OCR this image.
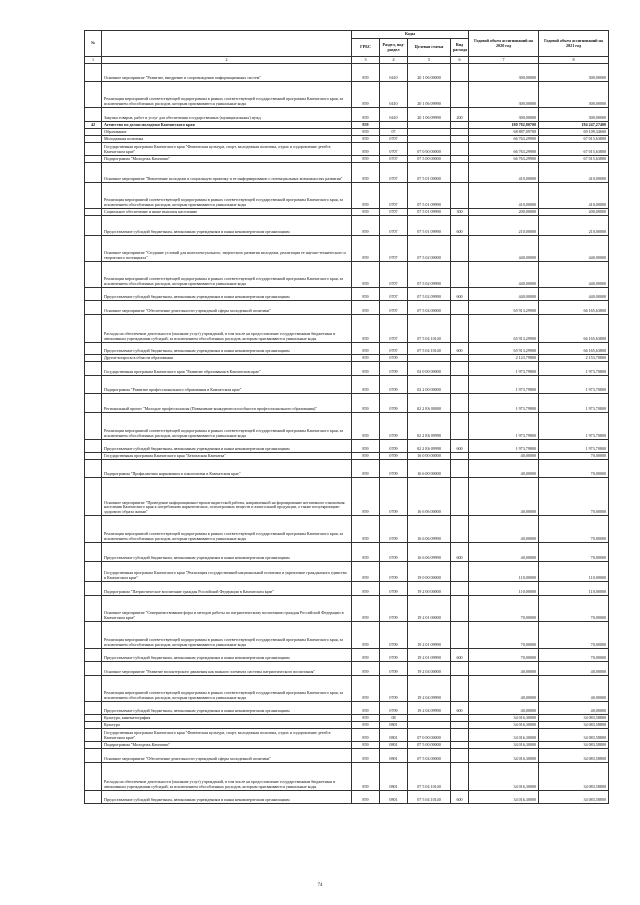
№		Коды				Годовой объем ассигнований на 2020 год	Годовой объем ассигнований на 2021 год
		ГРБС	Раздел, под-раздел	Целевая статья	Вид расхода		
1	2	3	4	5	6	7	8
	Основное мероприятие "Развитие, внедрение и сопровождение информационных систем"	859	0410	20 1 06 00000		300,00000	300,00000
	Реализация мероприятий соответствующей подпрограммы в рамках соответствующей государственной программы Камчатского края, за исключением обособленных расходов, которым присваиваются уникальные коды	859	0410	20 1 06 09990		300,00000	300,00000
	Закупка товаров, работ и услуг для обеспечения государственных (муниципальных) нужд	859	0410	20 1 06 09990	200	300,00000	300,00000
42	Агентство по делам молодежи Камчатского края	859				180 782,80700	184 247,27400
	Образование	859	07			68 887,09700	69 109,34600
	Молодежная политика	859	0707			66 763,29900	67 015,63800
	Государственная программа Камчатского края "Физическая культура, спорт, молодежная политика, отдых и оздоровление детей в Камчатском крае"	859	0707	07 0 00 00000		66 763,29900	67 015,63800
	Подпрограмма "Молодежь Камчатки"	859	0707	07 5 00 00000		66 763,29900	67 015,63800
	Основное мероприятие "Вовлечение молодежи в социальную практику и ее информирование о потенциальных возможностях развития"	859	0707	07 5 01 00000		410,00000	410,00000
	Реализация мероприятий соответствующей подпрограммы в рамках соответствующей государственной программы Камчатского края, за исключением обособленных расходов, которым присваиваются уникальные коды	859	0707	07 5 01 09990		410,00000	410,00000
	Социальное обеспечение и иные выплаты населению	859	0707	07 5 01 09990	300	200,00000	200,00000
	Предоставление субсидий бюджетным, автономным учреждениям и иным некоммерческим организациям	859	0707	07 5 01 09990	600	210,00000	210,00000
	Основное мероприятие "Создание условий для интеллектуального, творческого развития молодежи, реализация ее научно-технического и творческого потенциала"	859	0707	07 5 02 00000		440,00000	440,00000
	Реализация мероприятий соответствующей подпрограммы в рамках соответствующей государственной программы Камчатского края, за исключением обособленных расходов, которым присваиваются уникальные коды	859	0707	07 5 02 09990		440,00000	440,00000
	Предоставление субсидий бюджетным, автономным учреждениям и иным некоммерческим организациям	859	0707	07 5 02 09990	600	440,00000	440,00000
	Основное мероприятие "Обеспечение деятельности учреждений сферы молодежной политики"	859	0707	07 5 04 00000		65 913,29900	66 165,63800
	Расходы на обеспечение деятельности (оказание услуг) учреждений, в том числе на предоставление государственным бюджетным и автономным учреждениям субсидий, за исключением обособленных расходов, которым присваиваются уникальные коды	859	0707	07 5 04 10140		65 913,29900	66 165,63800
	Предоставление субсидий бюджетным, автономным учреждениям и иным некоммерческим организациям	859	0707	07 5 04 10140	600	65 913,29900	66 165,63800
	Другие вопросы в области образования	859	0709			2 123,79800	2 153,70800
	Государственная программа Камчатского края "Развитие образования в Камчатском крае"	859	0709	02 0 00 00000		1 973,79800	1 973,70800
	Подпрограмма "Развитие профессионального образования в Камчатском крае"	859	0709	02 2 00 00000		1 973,79800	1 973,70800
	Региональный проект "Молодые профессионалы (Повышение конкурентоспособности профессионального образования)"	859	0709	02 2 E6 00000		1 973,79800	1 973,70800
	Реализация мероприятий соответствующей подпрограммы в рамках соответствующей государственной программы Камчатского края, за исключением обособленных расходов, которым присваиваются уникальные коды	859	0709	02 2 E6 09990		1 973,79800	1 973,70800
	Предоставление субсидий бюджетным, автономным учреждениям и иным некоммерческим организациям	859	0709	02 2 E6 09990	600	1 973,79800	1 973,70800
	Государственная программа Камчатского края "Безопасная Камчатка"	859	0709	16 0 00 00000		40,00000	70,00000
	Подпрограмма "Профилактика наркомании и алкоголизма в Камчатском крае"	859	0709	16 6 00 00000		40,00000	70,00000
	Основное мероприятие "Проведение информационно-пропагандистской работы, направленной на формирование негативного отношения населения Камчатского края к потреблению наркотических, психотропных веществ и алкогольной продукции, а также популяризацию здорового образа жизни"	859	0709	16 6 06 00000		40,00000	70,00000
	Реализация мероприятий соответствующей подпрограммы в рамках соответствующей государственной программы Камчатского края, за исключением обособленных расходов, которым присваиваются уникальные коды	859	0709	16 6 06 09990		40,00000	70,00000
	Предоставление субсидий бюджетным, автономным учреждениям и иным некоммерческим организациям	859	0709	16 6 06 09990	600	40,00000	70,00000
	Государственная программа Камчатского края "Реализация государственной национальной политики и укрепление гражданского единства в Камчатском крае"	859	0709	19 0 00 00000		110,00000	110,00000
	Подпрограмма "Патриотическое воспитание граждан Российской Федерации в Камчатском крае"	859	0709	19 2 00 00000		110,00000	110,00000
	Основное мероприятие "Совершенствование форм и методов работы по патриотическому воспитанию граждан Российской Федерации в Камчатском крае"	859	0709	19 2 01 00000		70,00000	70,00000
	Реализация мероприятий соответствующей подпрограммы в рамках соответствующей государственной программы Камчатского края, за исключением обособленных расходов, которым присваиваются уникальные коды	859	0709	19 2 01 09990		70,00000	70,00000
	Предоставление субсидий бюджетным, автономным учреждениям и иным некоммерческим организациям	859	0709	19 2 01 09990	600	70,00000	70,00000
	Основное мероприятие "Развитие волонтерского движения как важного элемента системы патриотического воспитания"	859	0709	19 2 04 00000		40,00000	40,00000
	Реализация мероприятий соответствующей подпрограммы в рамках соответствующей государственной программы Камчатского края, за исключением обособленных расходов, которым присваиваются уникальные коды	859	0709	19 2 04 09990		40,00000	40,00000
	Предоставление субсидий бюджетным, автономным учреждениям и иным некоммерческим организациям	859	0709	19 2 04 09990	600	40,00000	40,00000
	Культура, кинематография	859	08			34 016,30000	34 083,58800
	Культура	859	0801			34 016,30000	34 083,58800
	Государственная программа Камчатского края "Физическая культура, спорт, молодежная политика, отдых и оздоровление детей в Камчатском крае"	859	0801	07 0 00 00000		34 016,30000	34 083,58800
	Подпрограмма "Молодежь Камчатки"	859	0801	07 5 00 00000		34 016,30000	34 083,58800
	Основное мероприятие "Обеспечение деятельности учреждений сферы молодежной политики"	859	0801	07 5 04 00000		34 016,30000	34 083,58800
	Расходы на обеспечение деятельности (оказание услуг) учреждений, в том числе на предоставление государственным бюджетным и автономным учреждениям субсидий, за исключением обособленных расходов, которым присваиваются уникальные коды	859	0801	07 5 04 10140		34 016,30000	34 083,58800
	Предоставление субсидий бюджетным, автономным учреждениям и иным некоммерческим организациям	859	0801	07 5 04 10140	600	34 016,30000	34 083,58800
74
